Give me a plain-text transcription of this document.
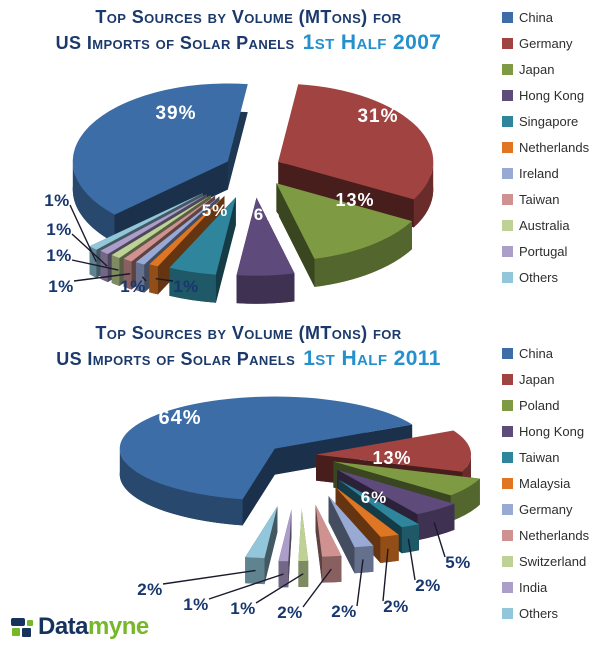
Top Sources by Volume (MTons) for
US Imports of Solar Panels 1st Half 2007
Top Sources by Volume (MTons) for
US Imports of Solar Panels 1st Half 2011
39%	31%
13%
6%
5%
1%
1%
1%
1%
1%
1%
64%
13%
6%
5%
2%
2%
2%
2%
1%
1%
2%
China
Germany
Japan
Hong Kong
Singapore
Netherlands
Ireland
Taiwan
Australia
Portugal
Others
China
Japan
Poland
Hong Kong
Taiwan
Malaysia
Germany
Netherlands
Switzerland
India
Others
Data myne
